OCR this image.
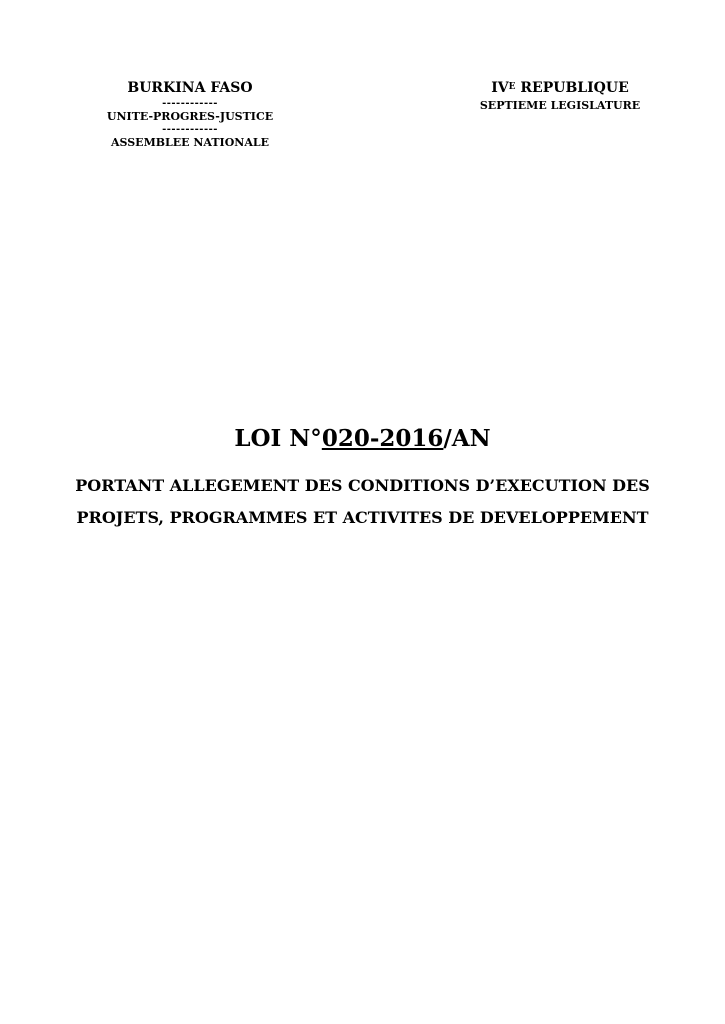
BURKINA FASO
------------
UNITE-PROGRES-JUSTICE
------------
ASSEMBLEE NATIONALE
$IV^E$ REPUBLIQUE
SEPTIEME LEGISLATURE
LOI N°020-2016/AN
PORTANT ALLEGEMENT DES CONDITIONS D’EXECUTION DES
PROJETS, PROGRAMMES ET ACTIVITES DE DEVELOPPEMENT
